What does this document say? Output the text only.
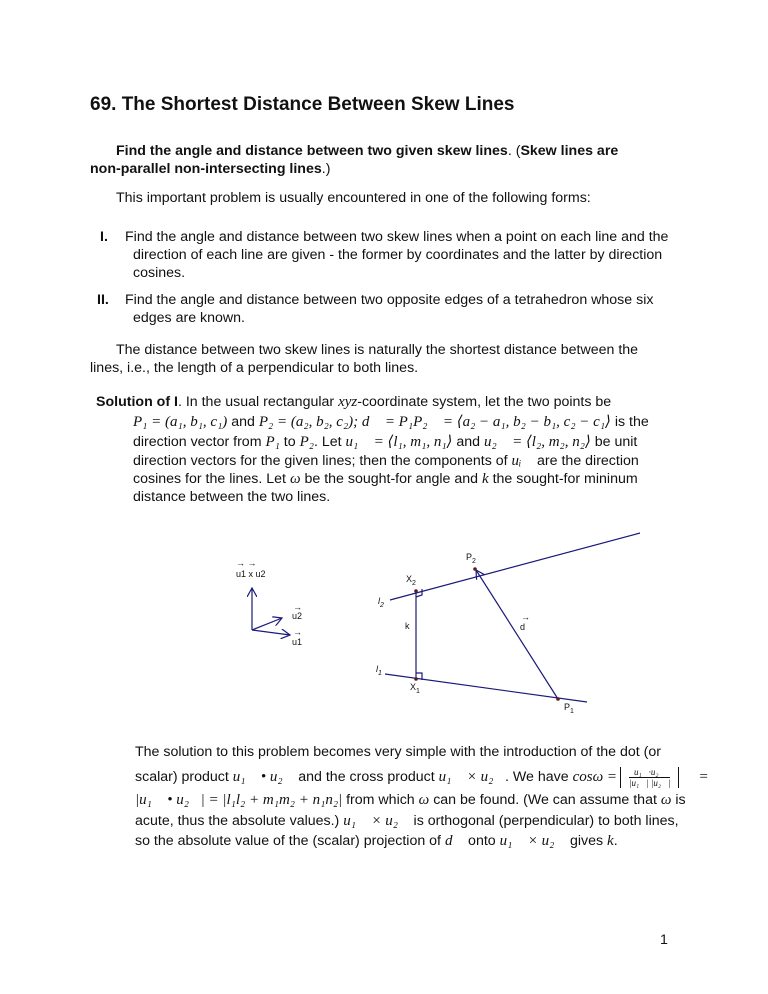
69. The Shortest Distance Between Skew Lines
Find the angle and distance between two given skew lines. (Skew lines are
non-parallel non-intersecting lines.)
This important problem is usually encountered in one of the following forms:
I. Find the angle and distance between two skew lines when a point on each line and the
direction of each line are given - the former by coordinates and the latter by direction
cosines.
II. Find the angle and distance between two opposite edges of a tetrahedron whose six
edges are known.
The distance between two skew lines is naturally the shortest distance between the
lines, i.e., the length of a perpendicular to both lines.
Solution of I. In the usual rectangular xyz-coordinate system, let the two points be
P₁ = (a₁, b₁, c₁) and P₂ = (a₂, b₂, c₂); d⃗ = P₁P₂⃗ = ⟨a₂ − a₁, b₂ − b₁, c₂ − c₁⟩ is the
direction vector from P₁ to P₂. Let u₁⃗ = ⟨l₁, m₁, n₁⟩ and u₂⃗ = ⟨l₂, m₂, n₂⟩ be unit
direction vectors for the given lines; then the components of uᵢ⃗ are the direction
cosines for the lines. Let ω be the sought-for angle and k the sought-for mininum
distance between the two lines.
→ →
u1 x u2
→
u2
→
u1
$P_2$
$X_2$
$l_2$
k
→
d
$l_1$
$X_1$
$P_1$
The solution to this problem becomes very simple with the introduction of the dot (or
scalar) product u₁⃗ • u₂⃗ and the cross product u₁⃗ × u₂⃗. We have $\cos\omega = \frac{\text{u₁⃗·u₂⃗}}{\text{|u₁⃗| |u₂⃗|}}$ =
|u₁⃗ • u₂⃗| = |l₁l₂ + m₁m₂ + n₁n₂| from which ω can be found. (We can assume that ω is
acute, thus the absolute values.) u₁⃗ × u₂⃗ is orthogonal (perpendicular) to both lines,
so the absolute value of the (scalar) projection of d⃗ onto u₁⃗ × u₂⃗ gives k.
1
